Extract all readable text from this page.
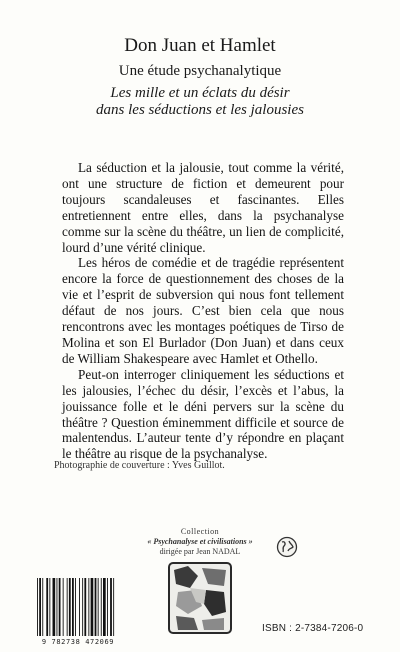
Don Juan et Hamlet
Une étude psychanalytique
Les mille et un éclats du désir
dans les séductions et les jalousies

La séduction et la jalousie, tout comme la vérité, ont une structure de fiction et demeurent pour toujours scandaleuses et fascinantes. Elles entretiennent entre elles, dans la psychanalyse comme sur la scène du théâtre, un lien de complicité, lourd d’une vérité clinique.

Les héros de comédie et de tragédie représentent encore la force de questionnement des choses de la vie et l’esprit de subversion qui nous font tellement défaut de nos jours. C’est bien cela que nous rencontrons avec les montages poétiques de Tirso de Molina et son El Burlador (Don Juan) et dans ceux de William Shakespeare avec Hamlet et Othello.

Peut-on interroger cliniquement les séductions et les jalousies, l’échec du désir, l’excès et l’abus, la jouissance folle et le déni pervers sur la scène du théâtre ? Question éminemment difficile et source de malentendus. L’auteur tente d’y répondre en plaçant le théâtre au risque de la psychanalyse.

Photographie de couverture : Yves Guillot.
Collection
« Psychanalyse et civilisations »
dirigée par Jean NADAL
9 782738 472069
ISBN : 2-7384-7206-0
